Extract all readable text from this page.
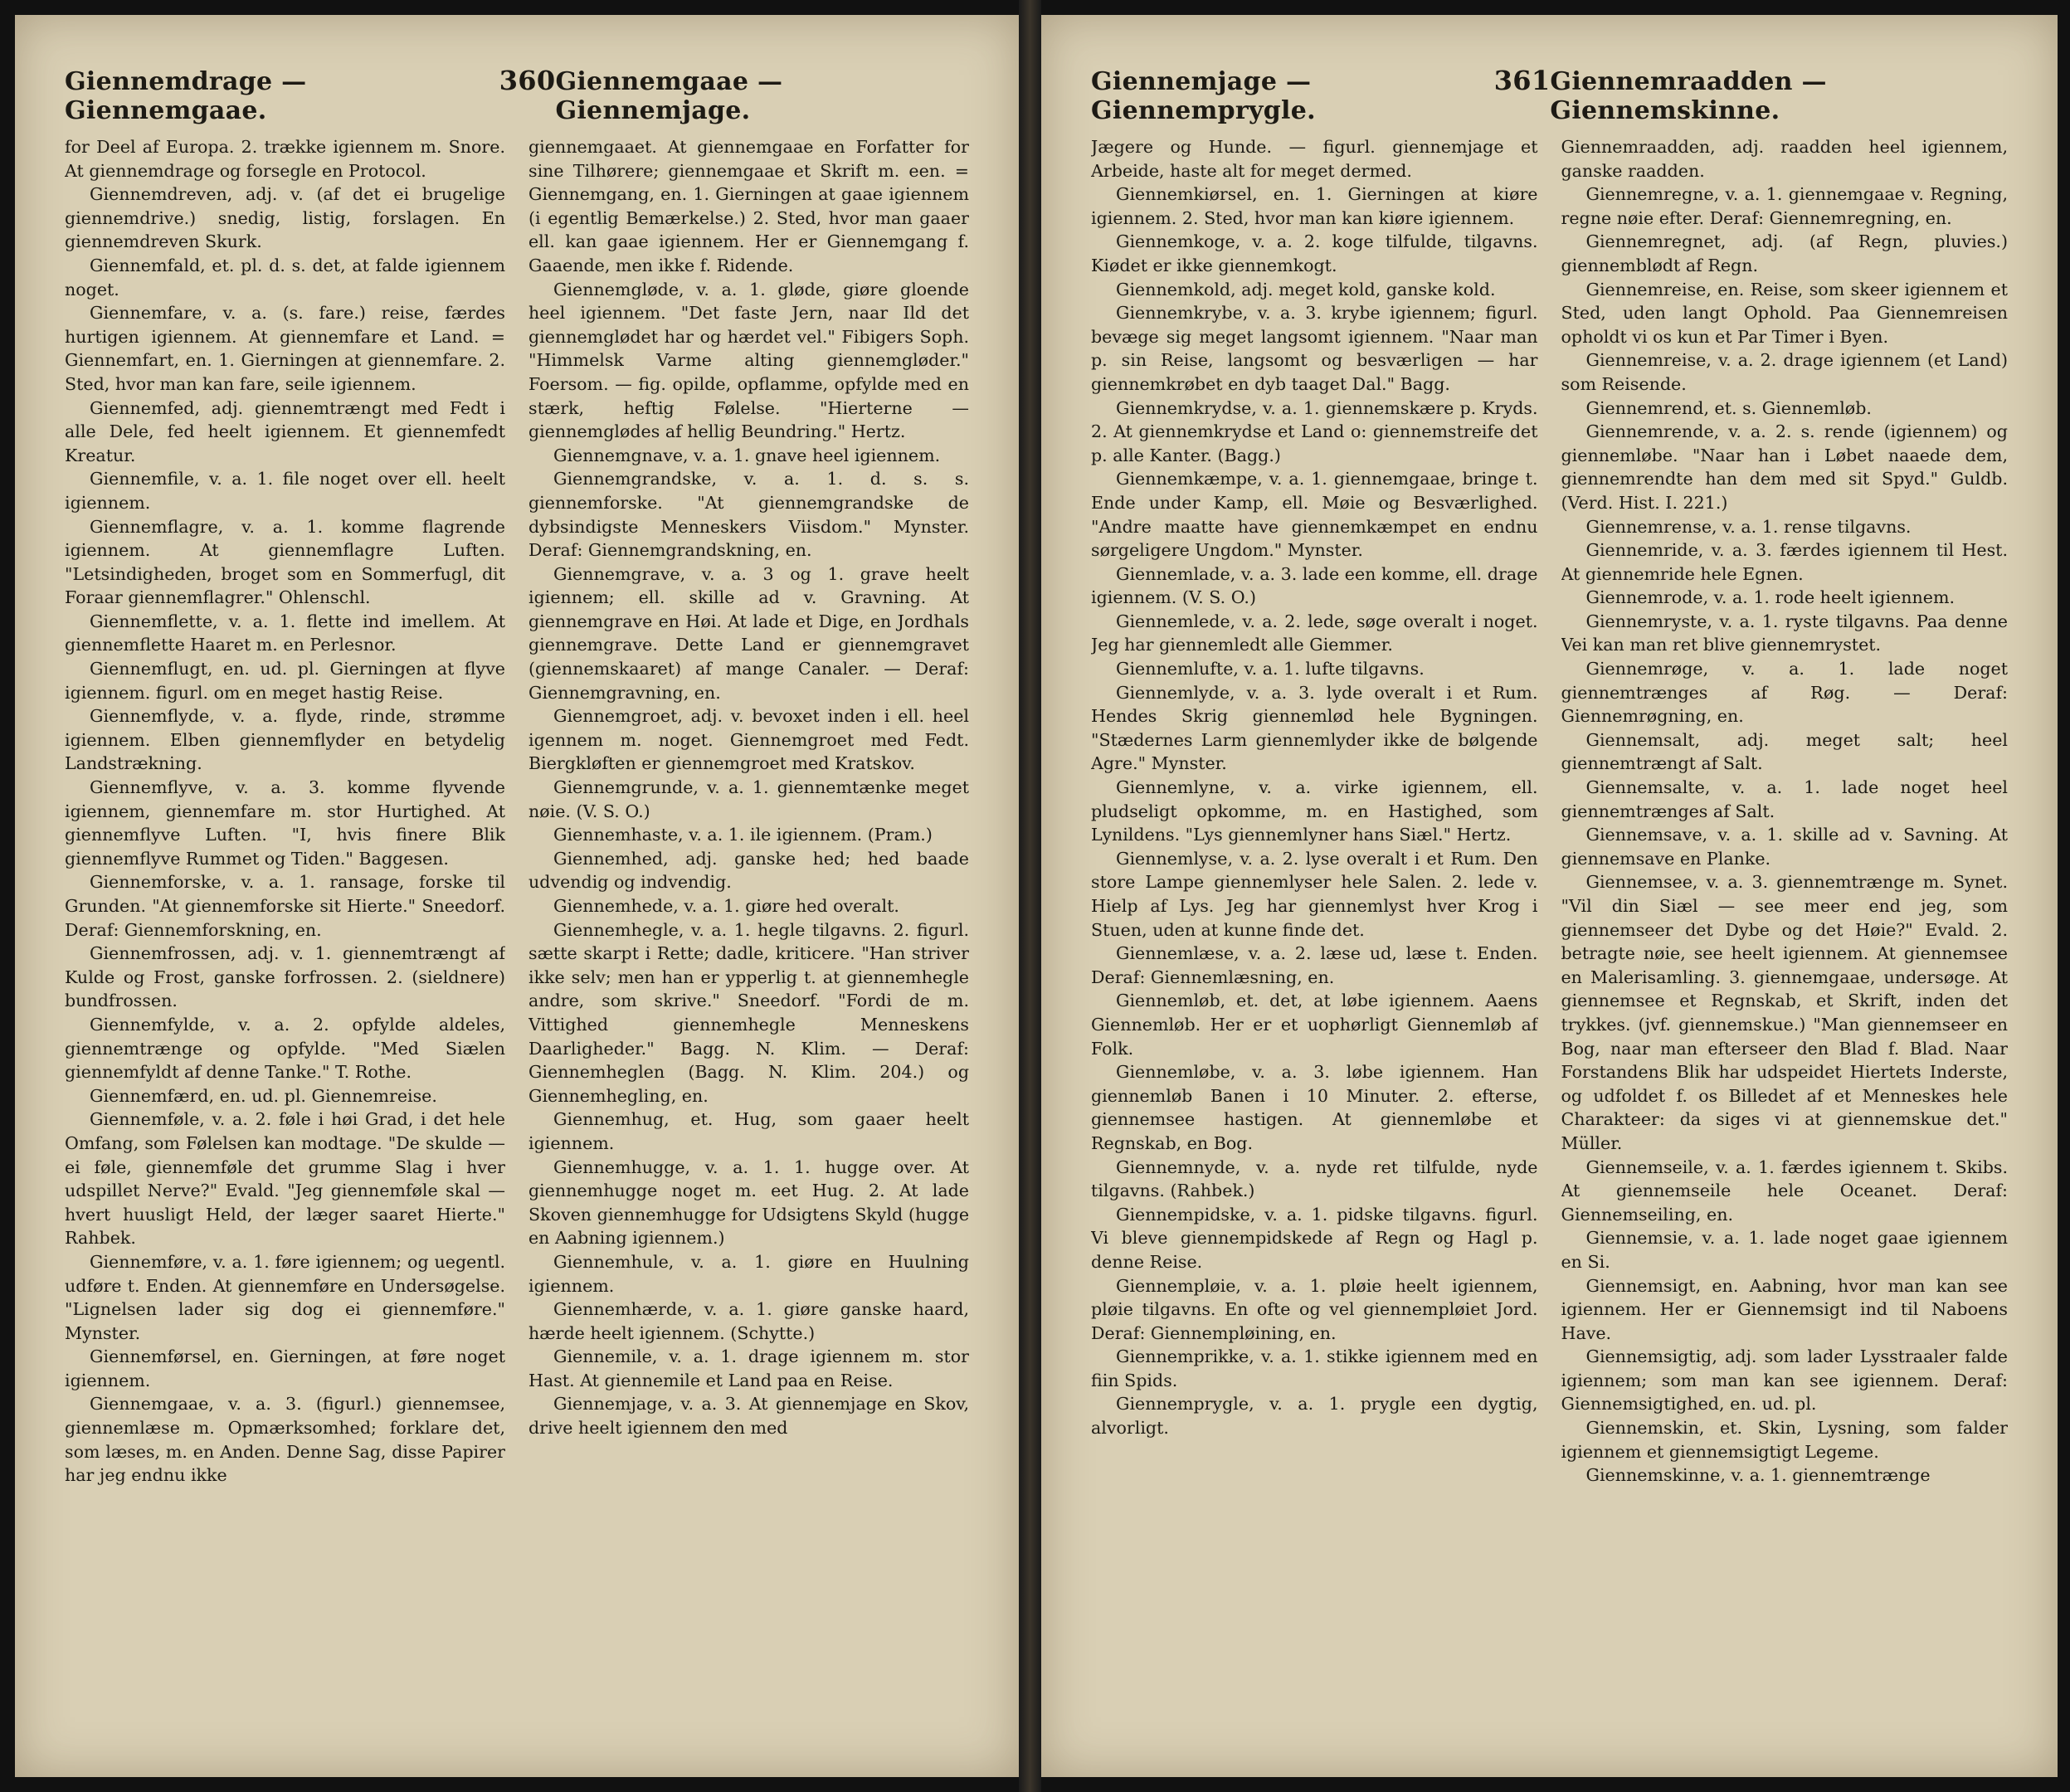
Giennemdrage — Giennemgaae.
360 Giennemgaae — Giennemjage.

for Deel af Europa. 2. trække igiennem m. Snore. At giennemdrage og forsegle en Protocol.

Giennemdreven, adj. v. (af det ei brugelige giennemdrive.) snedig, listig, forslagen. En giennemdreven Skurk.

Giennemfald, et. pl. d. s. det, at falde igiennem noget.

Giennemfare, v. a. (s. fare.) reise, færdes hurtigen igiennem. At giennemfare et Land. = Giennemfart, en. 1. Gierningen at giennemfare. 2. Sted, hvor man kan fare, seile igiennem.

Giennemfed, adj. giennemtrængt med Fedt i alle Dele, fed heelt igiennem. Et giennemfedt Kreatur.

Giennemfile, v. a. 1. file noget over ell. heelt igiennem.

Giennemflagre, v. a. 1. komme flagrende igiennem. At giennemflagre Luften. "Letsindigheden, broget som en Sommerfugl, dit Foraar giennemflagrer." Ohlenschl.

Giennemflette, v. a. 1. flette ind imellem. At giennemflette Haaret m. en Perlesnor.

Giennemflugt, en. ud. pl. Gierningen at flyve igiennem. figurl. om en meget hastig Reise.

Giennemflyde, v. a. flyde, rinde, strømme igiennem. Elben giennemflyder en betydelig Landstrækning.

Giennemflyve, v. a. 3. komme flyvende igiennem, giennemfare m. stor Hurtighed. At giennemflyve Luften. "I, hvis finere Blik giennemflyve Rummet og Tiden." Baggesen.

Giennemforske, v. a. 1. ransage, forske til Grunden. "At giennemforske sit Hierte." Sneedorf. Deraf: Giennemforskning, en.

Giennemfrossen, adj. v. 1. giennemtrængt af Kulde og Frost, ganske forfrossen. 2. (sieldnere) bundfrossen.

Giennemfylde, v. a. 2. opfylde aldeles, giennemtrænge og opfylde. "Med Siælen giennemfyldt af denne Tanke." T. Rothe.

Giennemfærd, en. ud. pl. Giennemreise.

Giennemføle, v. a. 2. føle i høi Grad, i det hele Omfang, som Følelsen kan modtage. "De skulde — ei føle, giennemføle det grumme Slag i hver udspillet Nerve?" Evald. "Jeg giennemføle skal — hvert huusligt Held, der læger saaret Hierte." Rahbek.

Giennemføre, v. a. 1. føre igiennem; og uegentl. udføre t. Enden. At giennemføre en Undersøgelse. "Lignelsen lader sig dog ei giennemføre." Mynster.

Giennemførsel, en. Gierningen, at føre noget igiennem.

Giennemgaae, v. a. 3. (figurl.) giennemsee, giennemlæse m. Opmærksomhed; forklare det, som læses, m. en Anden. Denne Sag, disse Papirer har jeg endnu ikke

giennemgaaet. At giennemgaae en Forfatter for sine Tilhørere; giennemgaae et Skrift m. een. = Giennemgang, en. 1. Gierningen at gaae igiennem (i egentlig Bemærkelse.) 2. Sted, hvor man gaaer ell. kan gaae igiennem. Her er Giennemgang f. Gaaende, men ikke f. Ridende.

Giennemgløde, v. a. 1. gløde, giøre gloende heel igiennem. "Det faste Jern, naar Ild det giennemglødet har og hærdet vel." Fibigers Soph. "Himmelsk Varme alting giennemgløder." Foersom. — fig. opilde, opflamme, opfylde med en stærk, heftig Følelse. "Hierterne — giennemglødes af hellig Beundring." Hertz.

Giennemgnave, v. a. 1. gnave heel igiennem.

Giennemgrandske, v. a. 1. d. s. s. giennemforske. "At giennemgrandske de dybsindigste Menneskers Viisdom." Mynster. Deraf: Giennemgrandskning, en.

Giennemgrave, v. a. 3 og 1. grave heelt igiennem; ell. skille ad v. Gravning. At giennemgrave en Høi. At lade et Dige, en Jordhals giennemgrave. Dette Land er giennemgravet (giennemskaaret) af mange Canaler. — Deraf: Giennemgravning, en.

Giennemgroet, adj. v. bevoxet inden i ell. heel igennem m. noget. Giennemgroet med Fedt. Biergkløften er giennemgroet med Kratskov.

Giennemgrunde, v. a. 1. giennemtænke meget nøie. (V. S. O.)

Giennemhaste, v. a. 1. ile igiennem. (Pram.)

Giennemhed, adj. ganske hed; hed baade udvendig og indvendig.

Giennemhede, v. a. 1. giøre hed overalt.

Giennemhegle, v. a. 1. hegle tilgavns. 2. figurl. sætte skarpt i Rette; dadle, kriticere. "Han striver ikke selv; men han er ypperlig t. at giennemhegle andre, som skrive." Sneedorf. "Fordi de m. Vittighed giennemhegle Menneskens Daarligheder." Bagg. N. Klim. — Deraf: Giennemheglen (Bagg. N. Klim. 204.) og Giennemhegling, en.

Giennemhug, et. Hug, som gaaer heelt igiennem.

Giennemhugge, v. a. 1. 1. hugge over. At giennemhugge noget m. eet Hug. 2. At lade Skoven giennemhugge for Udsigtens Skyld (hugge en Aabning igiennem.)

Giennemhule, v. a. 1. giøre en Huulning igiennem.

Giennemhærde, v. a. 1. giøre ganske haard, hærde heelt igiennem. (Schytte.)

Giennemile, v. a. 1. drage igiennem m. stor Hast. At giennemile et Land paa en Reise.

Giennemjage, v. a. 3. At giennemjage en Skov, drive heelt igiennem den med

Giennemjage — Giennemprygle.
361 Giennemraadden — Giennemskinne.

Jægere og Hunde. — figurl. giennemjage et Arbeide, haste alt for meget dermed.

Giennemkiørsel, en. 1. Gierningen at kiøre igiennem. 2. Sted, hvor man kan kiøre igiennem.

Giennemkoge, v. a. 2. koge tilfulde, tilgavns. Kiødet er ikke giennemkogt.

Giennemkold, adj. meget kold, ganske kold.

Giennemkrybe, v. a. 3. krybe igiennem; figurl. bevæge sig meget langsomt igiennem. "Naar man p. sin Reise, langsomt og besværligen — har giennemkrøbet en dyb taaget Dal." Bagg.

Giennemkrydse, v. a. 1. giennemskære p. Kryds. 2. At giennemkrydse et Land o: giennemstreife det p. alle Kanter. (Bagg.)

Giennemkæmpe, v. a. 1. giennemgaae, bringe t. Ende under Kamp, ell. Møie og Besværlighed. "Andre maatte have giennemkæmpet en endnu sørgeligere Ungdom." Mynster.

Giennemlade, v. a. 3. lade een komme, ell. drage igiennem. (V. S. O.)

Giennemlede, v. a. 2. lede, søge overalt i noget. Jeg har giennemledt alle Giemmer.

Giennemlufte, v. a. 1. lufte tilgavns.

Giennemlyde, v. a. 3. lyde overalt i et Rum. Hendes Skrig giennemlød hele Bygningen. "Stædernes Larm giennemlyder ikke de bølgende Agre." Mynster.

Giennemlyne, v. a. virke igiennem, ell. pludseligt opkomme, m. en Hastighed, som Lynildens. "Lys giennemlyner hans Siæl." Hertz.

Giennemlyse, v. a. 2. lyse overalt i et Rum. Den store Lampe giennemlyser hele Salen. 2. lede v. Hielp af Lys. Jeg har giennemlyst hver Krog i Stuen, uden at kunne finde det.

Giennemlæse, v. a. 2. læse ud, læse t. Enden. Deraf: Giennemlæsning, en.

Giennemløb, et. det, at løbe igiennem. Aaens Giennemløb. Her er et uophørligt Giennemløb af Folk.

Giennemløbe, v. a. 3. løbe igiennem. Han giennemløb Banen i 10 Minuter. 2. efterse, giennemsee hastigen. At giennemløbe et Regnskab, en Bog.

Giennemnyde, v. a. nyde ret tilfulde, nyde tilgavns. (Rahbek.)

Giennempidske, v. a. 1. pidske tilgavns. figurl. Vi bleve giennempidskede af Regn og Hagl p. denne Reise.

Giennempløie, v. a. 1. pløie heelt igiennem, pløie tilgavns. En ofte og vel giennempløiet Jord. Deraf: Giennempløining, en.

Giennemprikke, v. a. 1. stikke igiennem med en fiin Spids.

Giennemprygle, v. a. 1. prygle een dygtig, alvorligt.

Giennemraadden, adj. raadden heel igiennem, ganske raadden.

Giennemregne, v. a. 1. giennemgaae v. Regning, regne nøie efter. Deraf: Giennemregning, en.

Giennemregnet, adj. (af Regn, pluvies.) giennemblødt af Regn.

Giennemreise, en. Reise, som skeer igiennem et Sted, uden langt Ophold. Paa Giennemreisen opholdt vi os kun et Par Timer i Byen.

Giennemreise, v. a. 2. drage igiennem (et Land) som Reisende.

Giennemrend, et. s. Giennemløb.

Giennemrende, v. a. 2. s. rende (igiennem) og giennemløbe. "Naar han i Løbet naaede dem, giennemrendte han dem med sit Spyd." Guldb. (Verd. Hist. I. 221.)

Giennemrense, v. a. 1. rense tilgavns.

Giennemride, v. a. 3. færdes igiennem til Hest. At giennemride hele Egnen.

Giennemrode, v. a. 1. rode heelt igiennem.

Giennemryste, v. a. 1. ryste tilgavns. Paa denne Vei kan man ret blive giennemrystet.

Giennemrøge, v. a. 1. lade noget giennemtrænges af Røg. — Deraf: Giennemrøgning, en.

Giennemsalt, adj. meget salt; heel giennemtrængt af Salt.

Giennemsalte, v. a. 1. lade noget heel giennemtrænges af Salt.

Giennemsave, v. a. 1. skille ad v. Savning. At giennemsave en Planke.

Giennemsee, v. a. 3. giennemtrænge m. Synet. "Vil din Siæl — see meer end jeg, som giennemseer det Dybe og det Høie?" Evald. 2. betragte nøie, see heelt igiennem. At giennemsee en Malerisamling. 3. giennemgaae, undersøge. At giennemsee et Regnskab, et Skrift, inden det trykkes. (jvf. giennemskue.) "Man giennemseer en Bog, naar man efterseer den Blad f. Blad. Naar Forstandens Blik har udspeidet Hiertets Inderste, og udfoldet f. os Billedet af et Menneskes hele Charakteer: da siges vi at giennemskue det." Müller.

Giennemseile, v. a. 1. færdes igiennem t. Skibs. At giennemseile hele Oceanet. Deraf: Giennemseiling, en.

Giennemsie, v. a. 1. lade noget gaae igiennem en Si.

Giennemsigt, en. Aabning, hvor man kan see igiennem. Her er Giennemsigt ind til Naboens Have.

Giennemsigtig, adj. som lader Lysstraaler falde igiennem; som man kan see igiennem. Deraf: Giennemsigtighed, en. ud. pl.

Giennemskin, et. Skin, Lysning, som falder igiennem et giennemsigtigt Legeme.

Giennemskinne, v. a. 1. giennemtrænge
